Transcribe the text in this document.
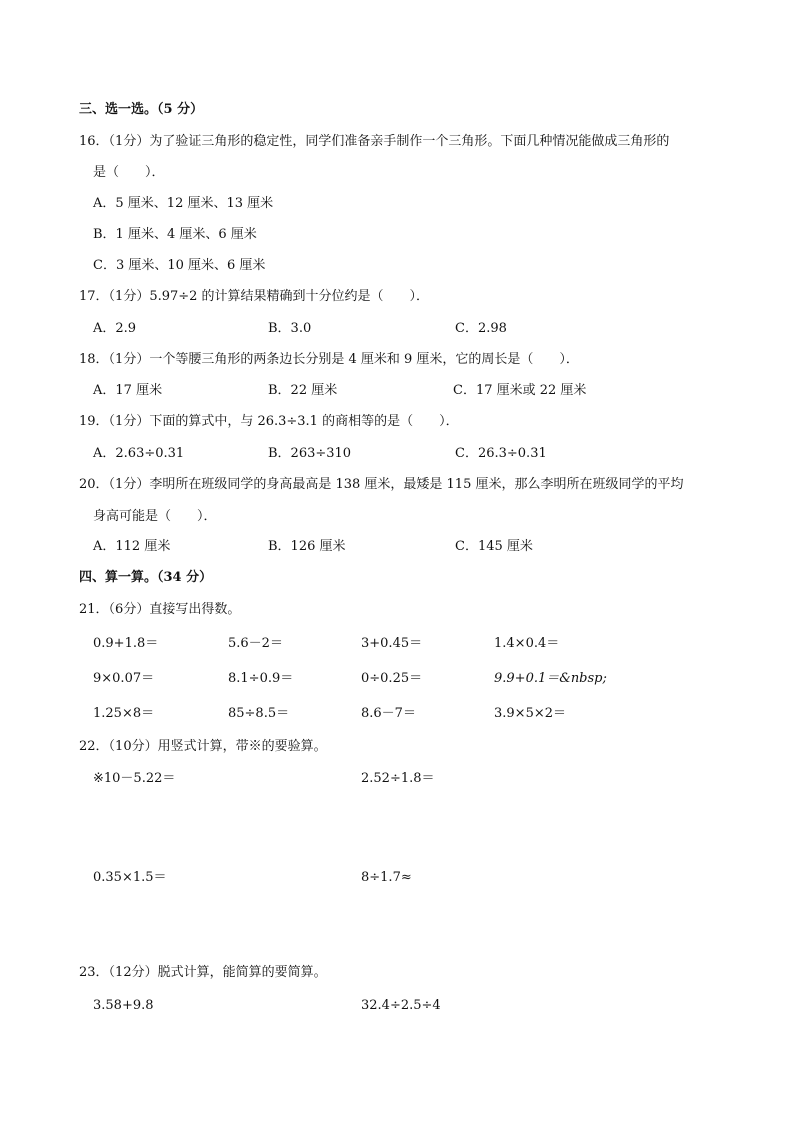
三、选一选。（5 分）
16．（1分）为了验证三角形的稳定性，同学们准备亲手制作一个三角形。下面几种情况能做成三角形的
是（　　）．
A．5 厘米、12 厘米、13 厘米
B．1 厘米、4 厘米、6 厘米
C．3 厘米、10 厘米、6 厘米
17．（1分）5.97÷2 的计算结果精确到十分位约是（　　）．
A．2.9	B．3.0	C．2.98
18．（1分）一个等腰三角形的两条边长分别是 4 厘米和 9 厘米，它的周长是（　　）．
A．17 厘米	B．22 厘米	C．17 厘米或 22 厘米
19．（1分）下面的算式中，与 26.3÷3.1 的商相等的是（　　）．
A．2.63÷0.31	B．263÷310	C．26.3÷0.31
20．（1分）李明所在班级同学的身高最高是 138 厘米，最矮是 115 厘米，那么李明所在班级同学的平均
身高可能是（　　）．
A．112 厘米	B．126 厘米	C．145 厘米
四、算一算。（34 分）
21．（6分）直接写出得数。
0.9+1.8＝	5.6－2＝	3+0.45＝	1.4×0.4＝
9×0.07＝	8.1÷0.9＝	0÷0.25＝	9.9+0.1＝&nbsp;
1.25×8＝	85÷8.5＝	8.6－7＝	3.9×5×2＝
22．（10分）用竖式计算，带※的要验算。
※10－5.22＝	2.52÷1.8＝
0.35×1.5＝	8÷1.7≈
23．（12分）脱式计算，能简算的要简算。
3.58+9.8	32.4÷2.5÷4
